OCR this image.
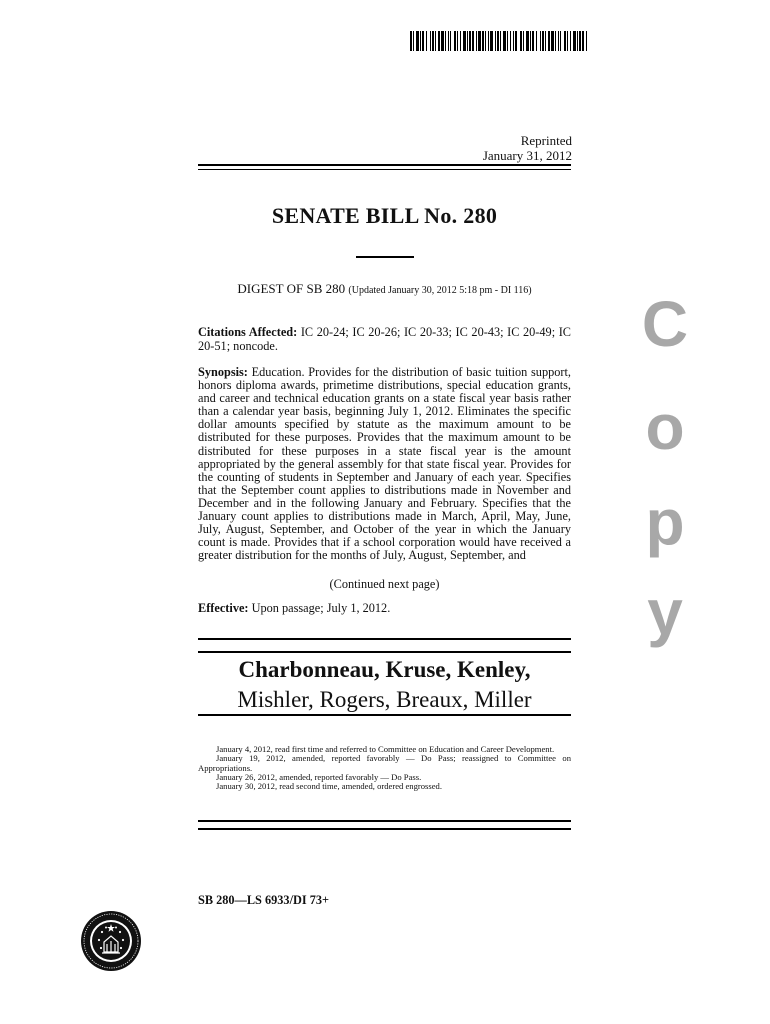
Reprinted
January 31, 2012
SENATE BILL No. 280
DIGEST OF SB 280 (Updated January 30, 2012 5:18 pm - DI 116)
Citations Affected: IC 20-24; IC 20-26; IC 20-33; IC 20-43; IC 20-49; IC 20-51; noncode.
Synopsis: Education. Provides for the distribution of basic tuition support, honors diploma awards, primetime distributions, special education grants, and career and technical education grants on a state fiscal year basis rather than a calendar year basis, beginning July 1, 2012. Eliminates the specific dollar amounts specified by statute as the maximum amount to be distributed for these purposes. Provides that the maximum amount to be distributed for these purposes in a state fiscal year is the amount appropriated by the general assembly for that state fiscal year. Provides for the counting of students in September and January of each year. Specifies that the September count applies to distributions made in November and December and in the following January and February. Specifies that the January count applies to distributions made in March, April, May, June, July, August, September, and October of the year in which the January count is made. Provides that if a school corporation would have received a greater distribution for the months of July, August, September, and
(Continued next page)
Effective: Upon passage; July 1, 2012.
Charbonneau, Kruse, Kenley,
Mishler, Rogers, Breaux, Miller

January 4, 2012, read first time and referred to Committee on Education and Career Development.

January 19, 2012, amended, reported favorably — Do Pass; reassigned to Committee on Appropriations.

January 26, 2012, amended, reported favorably — Do Pass.

January 30, 2012, read second time, amended, ordered engrossed.

SB 280—LS 6933/DI 73+
C
o
p
y
